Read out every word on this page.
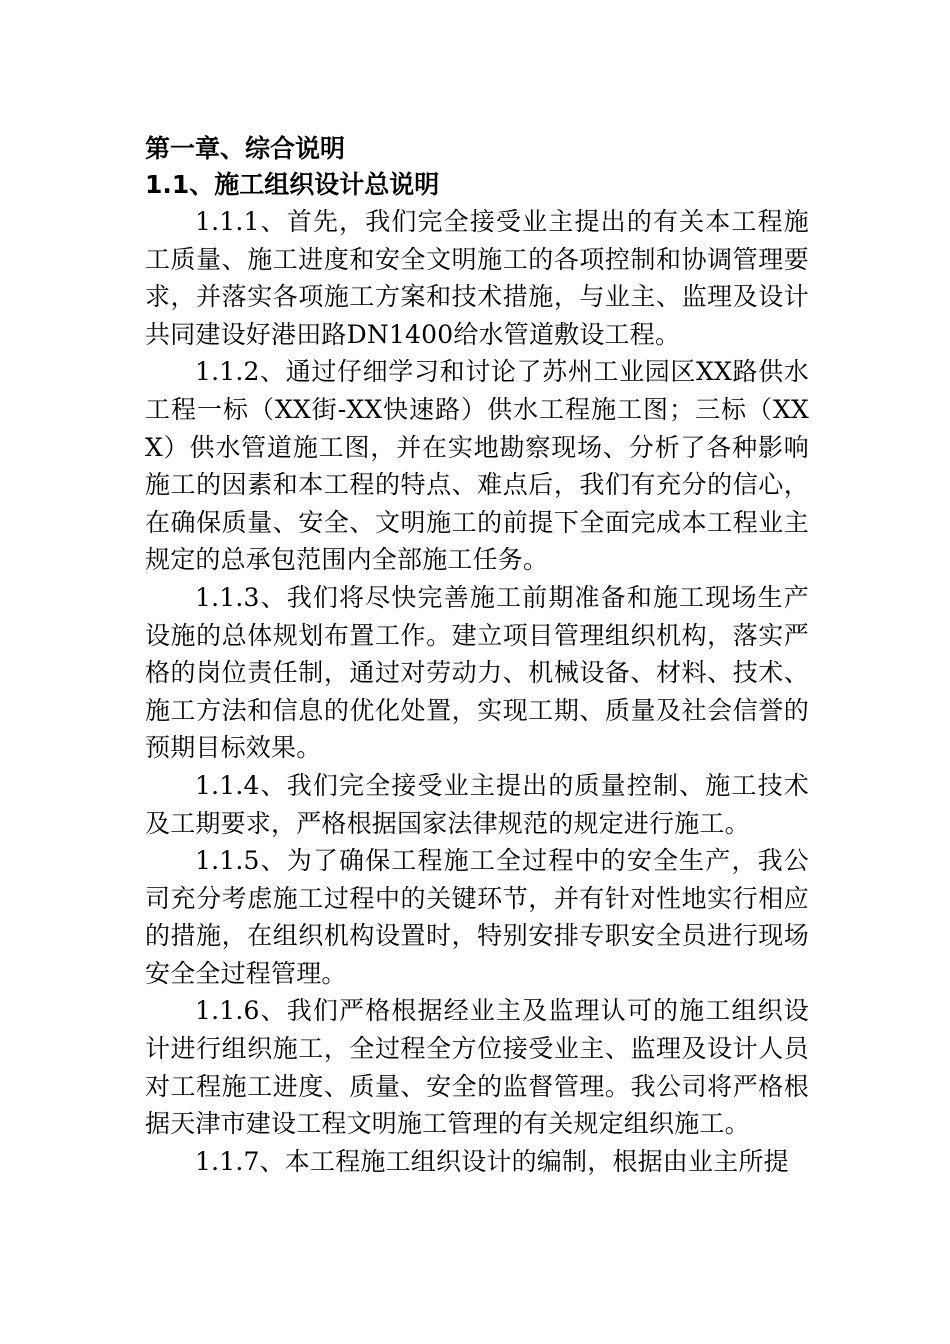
第一章、综合说明
1.1、施工组织设计总说明

1.1.1、首先，我们完全接受业主提出的有关本工程施工质量、施工进度和安全文明施工的各项控制和协调管理要求，并落实各项施工方案和技术措施，与业主、监理及设计共同建设好港田路DN1400给水管道敷设工程。

1.1.2、通过仔细学习和讨论了苏州工业园区XX路供水工程一标（XX街-XX快速路）供水工程施工图；三标（XXX）供水管道施工图，并在实地勘察现场、分析了各种影响施工的因素和本工程的特点、难点后，我们有充分的信心，在确保质量、安全、文明施工的前提下全面完成本工程业主规定的总承包范围内全部施工任务。

1.1.3、我们将尽快完善施工前期准备和施工现场生产设施的总体规划布置工作。建立项目管理组织机构，落实严格的岗位责任制，通过对劳动力、机械设备、材料、技术、施工方法和信息的优化处置，实现工期、质量及社会信誉的预期目标效果。

1.1.4、我们完全接受业主提出的质量控制、施工技术及工期要求，严格根据国家法律规范的规定进行施工。

1.1.5、为了确保工程施工全过程中的安全生产，我公司充分考虑施工过程中的关键环节，并有针对性地实行相应的措施，在组织机构设置时，特别安排专职安全员进行现场安全全过程管理。

1.1.6、我们严格根据经业主及监理认可的施工组织设计进行组织施工，全过程全方位接受业主、监理及设计人员对工程施工进度、质量、安全的监督管理。我公司将严格根据天津市建设工程文明施工管理的有关规定组织施工。

1.1.7、本工程施工组织设计的编制，根据由业主所提
